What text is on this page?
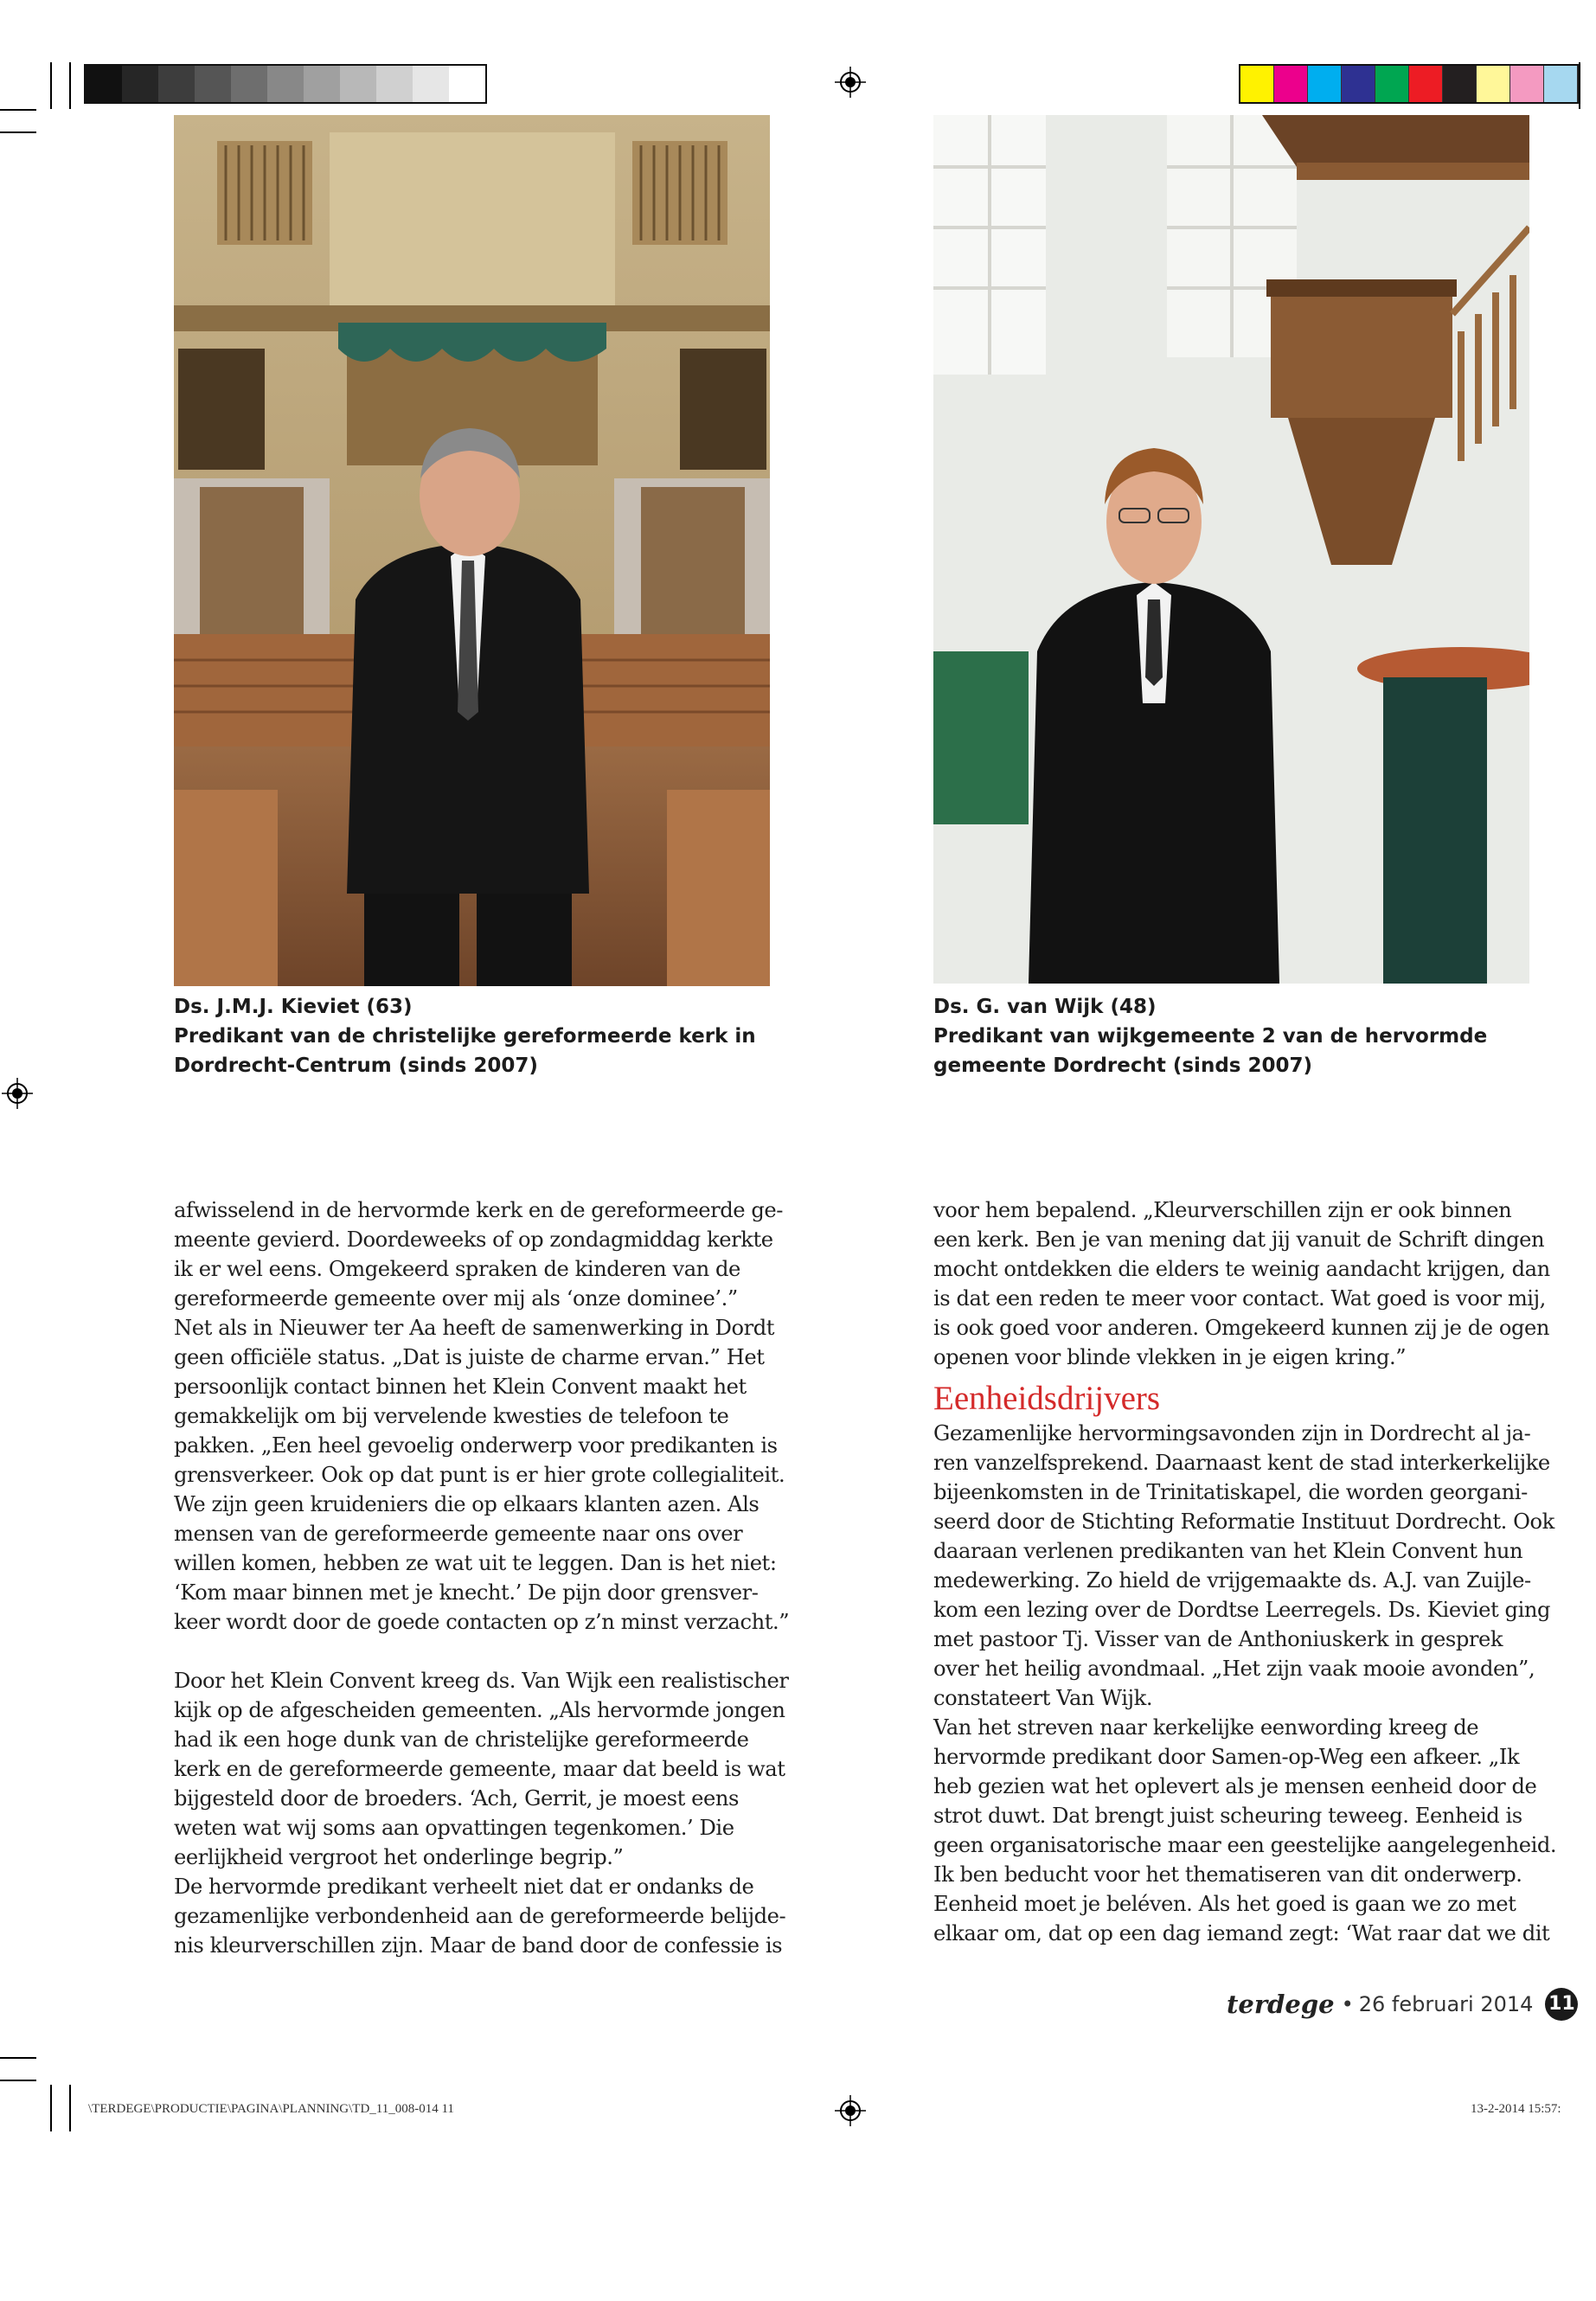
Ds. J.M.J. Kieviet (63)
Predikant van de christelijke gereformeerde kerk in
Dordrecht-Centrum (sinds 2007)
Ds. G. van Wijk (48)
Predikant van wijkgemeente 2 van de hervormde
gemeente Dordrecht (sinds 2007)

afwisselend in de hervormde kerk en de gereformeerde ge-

meente gevierd. Doordeweeks of op zondagmiddag kerkte

ik er wel eens. Omgekeerd spraken de kinderen van de

gereformeerde gemeente over mij als ‘onze dominee’.”

Net als in Nieuwer ter Aa heeft de samenwerking in Dordt

geen officiële status. „Dat is juiste de charme ervan.” Het

persoonlijk contact binnen het Klein Convent maakt het

gemakkelijk om bij vervelende kwesties de telefoon te

pakken. „Een heel gevoelig onderwerp voor predikanten is

grensverkeer. Ook op dat punt is er hier grote collegialiteit.

We zijn geen kruideniers die op elkaars klanten azen. Als

mensen van de gereformeerde gemeente naar ons over

willen komen, hebben ze wat uit te leggen. Dan is het niet:

‘Kom maar binnen met je knecht.’ De pijn door grensver-

keer wordt door de goede contacten op z’n minst verzacht.”

Door het Klein Convent kreeg ds. Van Wijk een realistischer

kijk op de afgescheiden gemeenten. „Als hervormde jongen

had ik een hoge dunk van de christelijke gereformeerde

kerk en de gereformeerde gemeente, maar dat beeld is wat

bijgesteld door de broeders. ‘Ach, Gerrit, je moest eens

weten wat wij soms aan opvattingen tegenkomen.’ Die

eerlijkheid vergroot het onderlinge begrip.”

De hervormde predikant verheelt niet dat er ondanks de

gezamenlijke verbondenheid aan de gereformeerde belijde-

nis kleurverschillen zijn. Maar de band door de confessie is

voor hem bepalend. „Kleurverschillen zijn er ook binnen

een kerk. Ben je van mening dat jij vanuit de Schrift dingen

mocht ontdekken die elders te weinig aandacht krijgen, dan

is dat een reden te meer voor contact. Wat goed is voor mij,

is ook goed voor anderen. Omgekeerd kunnen zij je de ogen

openen voor blinde vlekken in je eigen kring.”

Eenheidsdrijvers

Gezamenlijke hervormingsavonden zijn in Dordrecht al ja-

ren vanzelfsprekend. Daarnaast kent de stad interkerkelijke

bijeenkomsten in de Trinitatiskapel, die worden georgani-

seerd door de Stichting Reformatie Instituut Dordrecht. Ook

daaraan verlenen predikanten van het Klein Convent hun

medewerking. Zo hield de vrijgemaakte ds. A.J. van Zuijle-

kom een lezing over de Dordtse Leerregels. Ds. Kieviet ging

met pastoor Tj. Visser van de Anthoniuskerk in gesprek

over het heilig avondmaal. „Het zijn vaak mooie avonden”,

constateert Van Wijk.

Van het streven naar kerkelijke eenwording kreeg de

hervormde predikant door Samen-op-Weg een afkeer. „Ik

heb gezien wat het oplevert als je mensen eenheid door de

strot duwt. Dat brengt juist scheuring teweeg. Eenheid is

geen organisatorische maar een geestelijke aangelegenheid.

Ik ben beducht voor het thematiseren van dit onderwerp.

Eenheid moet je beléven. Als het goed is gaan we zo met

elkaar om, dat op een dag iemand zegt: ‘Wat raar dat we dit

terdege • 26 februari 2014 11
\TERDEGE\PRODUCTIE\PAGINA\PLANNING\TD_11_008-014 11	13-2-2014 15:57:
